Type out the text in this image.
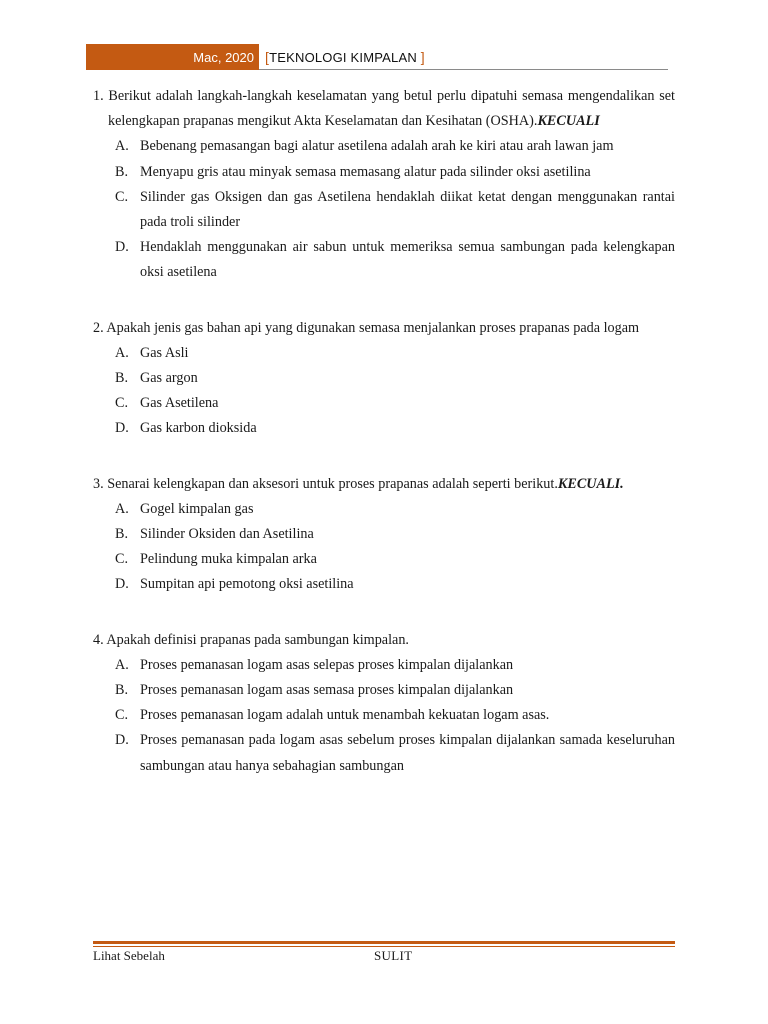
Mac, 2020 [TEKNOLOGI KIMPALAN ]
1. Berikut adalah langkah-langkah keselamatan yang betul perlu dipatuhi semasa mengendalikan set kelengkapan prapanas mengikut Akta Keselamatan dan Kesihatan (OSHA).KECUALI
A. Bebenang pemasangan bagi alatur asetilena adalah arah ke kiri atau arah lawan jam
B. Menyapu gris atau minyak semasa memasang alatur pada silinder oksi asetilina
C. Silinder gas Oksigen dan gas Asetilena hendaklah diikat ketat dengan menggunakan rantai pada troli silinder
D. Hendaklah menggunakan air sabun untuk memeriksa semua sambungan pada kelengkapan oksi asetilena
2. Apakah jenis gas bahan api yang digunakan semasa menjalankan proses prapanas pada logam
A. Gas Asli
B. Gas argon
C. Gas Asetilena
D. Gas karbon dioksida
3. Senarai kelengkapan dan aksesori untuk proses prapanas adalah seperti berikut.KECUALI.
A. Gogel kimpalan gas
B. Silinder Oksiden dan Asetilina
C. Pelindung muka kimpalan arka
D. Sumpitan api pemotong oksi asetilina
4. Apakah definisi prapanas pada sambungan kimpalan.
A. Proses pemanasan logam asas selepas proses kimpalan dijalankan
B. Proses pemanasan logam asas semasa proses kimpalan dijalankan
C. Proses pemanasan logam adalah untuk menambah kekuatan logam asas.
D. Proses pemanasan pada logam asas sebelum proses kimpalan dijalankan samada keseluruhan sambungan atau hanya sebahagian sambungan
Lihat Sebelah	SULIT
